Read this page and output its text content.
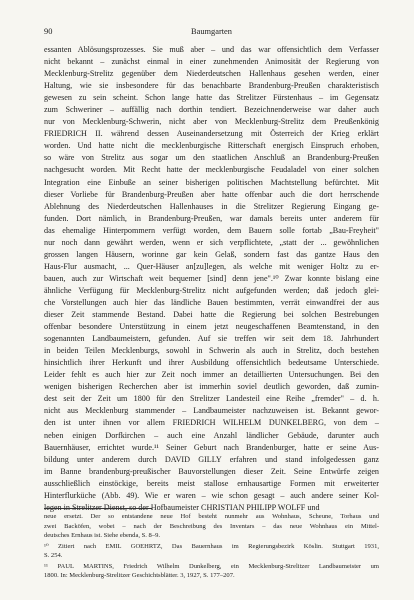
90	Baumgarten
essanten Ablösungsprozesses. Sie muß aber – und das war offensichtlich dem Verfasser
nicht bekannt – zunächst einmal in einer zunehmenden Animosität der Regierung von
Mecklenburg-Strelitz gegenüber dem Niederdeutschen Hallenhaus gesehen werden, einer
Haltung, wie sie insbesondere für das benachbarte Brandenburg-Preußen charakteristisch
gewesen zu sein scheint. Schon lange hatte das Strelitzer Fürstenhaus – im Gegensatz
zum Schweriner – auffällig nach dorthin tendiert. Bezeichnenderweise war daher auch
nur von Mecklenburg-Schwerin, nicht aber von Mecklenburg-Strelitz dem Preußenkönig
FRIEDRICH II. während dessen Auseinandersetzung mit Österreich der Krieg erklärt
worden. Und hatte nicht die mecklenburgische Ritterschaft energisch Einspruch erhoben,
so wäre von Strelitz aus sogar um den staatlichen Anschluß an Brandenburg-Preußen
nachgesucht worden. Mit Recht hatte der mecklenburgische Feudaladel von einer solchen
Integration eine Einbuße an seiner bisherigen politischen Machtstellung befürchtet. Mit
dieser Vorliebe für Brandenburg-Preußen aber hatte offenbar auch die dort herrschende
Ablehnung des Niederdeutschen Hallenhauses in die Strelitzer Regierung Eingang ge-
funden. Dort nämlich, in Brandenburg-Preußen, war damals bereits unter anderem für
das ehemalige Hinterpommern verfügt worden, dem Bauern solle fortab „Bau-Freyheit"
nur noch dann gewährt werden, wenn er sich verpflichtete, „statt der ... gewöhnlichen
grossen langen Häusern, worinne gar kein Gelaß, sondern fast das gantze Haus den
Haus-Flur ausmacht, ... Quer-Häuser an[zu]legen, als welche mit weniger Holtz zu er-
bauen, auch zur Wirtschaft weit bequemer [sind] denn jene".¹⁰ Zwar konnte bislang eine
ähnliche Verfügung für Mecklenburg-Strelitz nicht aufgefunden werden; daß jedoch glei-
che Vorstellungen auch hier das ländliche Bauen bestimmten, verrät einwandfrei der aus
dieser Zeit stammende Bestand. Dabei hatte die Regierung bei solchen Bestrebungen
offenbar besondere Unterstützung in einem jetzt neugeschaffenen Beamtenstand, in den
sogenannten Landbaumeistern, gefunden. Auf sie treffen wir seit dem 18. Jahrhundert
in beiden Teilen Mecklenburgs, sowohl in Schwerin als auch in Strelitz, doch bestehen
hinsichtlich ihrer Herkunft und ihrer Ausbildung offensichtlich bedeutsame Unterschiede.
Leider fehlt es auch hier zur Zeit noch immer an detaillierten Untersuchungen. Bei den
wenigen bisherigen Recherchen aber ist immerhin soviel deutlich geworden, daß zumin-
dest seit der Zeit um 1800 für den Strelitzer Landesteil eine Reihe „fremder" – d. h.
nicht aus Mecklenburg stammender – Landbaumeister nachzuweisen ist. Bekannt gewor-
den ist unter ihnen vor allem FRIEDRICH WILHELM DUNKELBERG, von dem –
neben einigen Dorfkirchen – auch eine Anzahl ländlicher Gebäude, darunter auch
Bauernhäuser, errichtet wurde.¹¹ Seiner Geburt nach Brandenburger, hatte er seine Aus-
bildung unter anderem durch DAVID GILLY erfahren und stand infolgedessen ganz
im Banne brandenburg-preußischer Bauvorstellungen dieser Zeit. Seine Entwürfe zeigen
ausschließlich einstöckige, bereits meist stallose ernhausartige Formen mit erweiterter
Hinterflurküche (Abb. 49). Wie er waren – wie schon gesagt – auch andere seiner Kol-
legen in Strelitzer Dienst, so der Hofbaumeister CHRISTIAN PHILIPP WOLFF und
neue ersetzt. Der so entstandene neue Hof besteht nunmehr aus Wohnhaus, Scheune, Torhaus und
zwei Backöfen, wobei – nach der Beschreibung des Inventars – das neue Wohnhaus ein Mittel-
deutsches Ernhaus ist. Siehe ebenda, S. 8–9.
¹⁰ Zitiert nach EMIL GOEHRTZ, Das Bauernhaus im Regierungsbezirk Köslin. Stuttgart 1931,
S. 254.
¹¹ PAUL MARTINS, Friedrich Wilhelm Dunkelberg, ein Mecklenburg-Strelitzer Landbaumeister um
1800. In: Mecklenburg-Strelitzer Geschichtsblätter. 3, 1927, S. 177–207.
